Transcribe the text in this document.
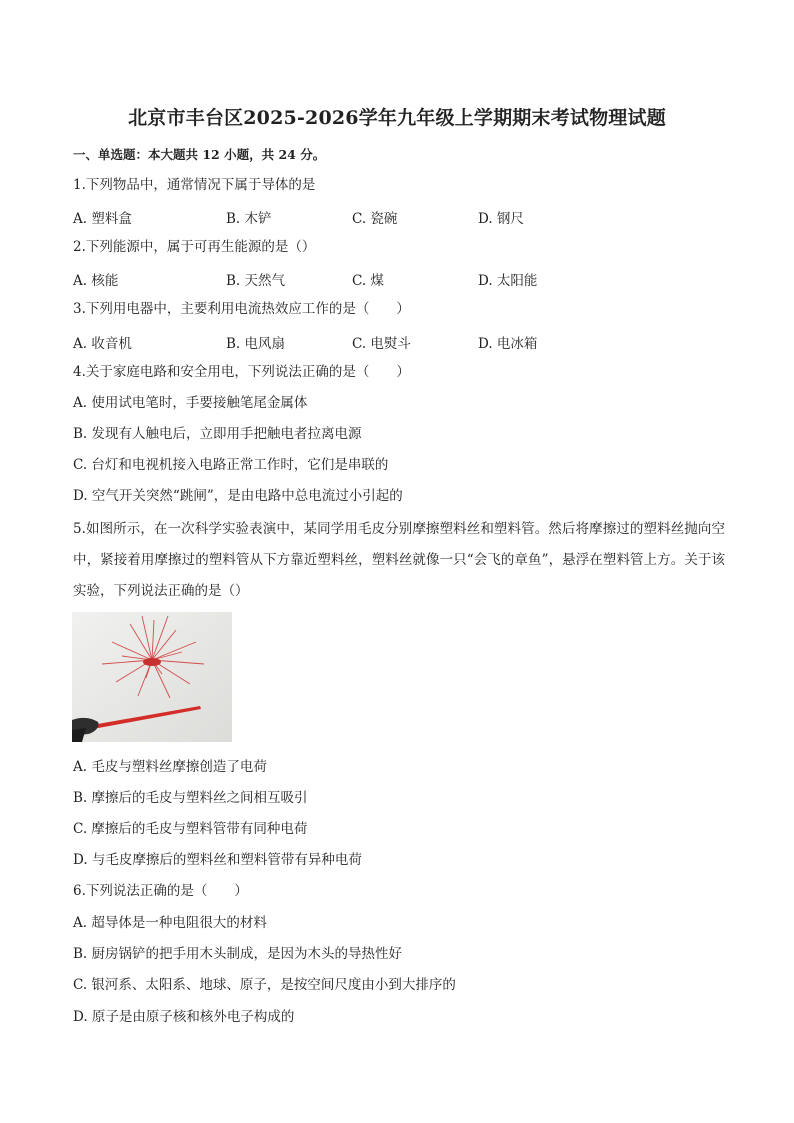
北京市丰台区2025-2026学年九年级上学期期末考试物理试题
一、单选题：本大题共 12 小题，共 24 分。
1.下列物品中，通常情况下属于导体的是
A. 塑料盒	B. 木铲	C. 瓷碗	D. 钢尺
2.下列能源中，属于可再生能源的是（）
A. 核能	B. 天然气	C. 煤	D. 太阳能
3.下列用电器中，主要利用电流热效应工作的是（　　）
A. 收音机	B. 电风扇	C. 电熨斗	D. 电冰箱
4.关于家庭电路和安全用电，下列说法正确的是（　　）
A. 使用试电笔时，手要接触笔尾金属体
B. 发现有人触电后，立即用手把触电者拉离电源
C. 台灯和电视机接入电路正常工作时，它们是串联的
D. 空气开关突然“跳闸”，是由电路中总电流过小引起的
5.如图所示，在一次科学实验表演中，某同学用毛皮分别摩擦塑料丝和塑料管。然后将摩擦过的塑料丝抛向空中，紧接着用摩擦过的塑料管从下方靠近塑料丝，塑料丝就像一只“会飞的章鱼”，悬浮在塑料管上方。关于该实验，下列说法正确的是（）
A. 毛皮与塑料丝摩擦创造了电荷
B. 摩擦后的毛皮与塑料丝之间相互吸引
C. 摩擦后的毛皮与塑料管带有同种电荷
D. 与毛皮摩擦后的塑料丝和塑料管带有异种电荷
6.下列说法正确的是（　　）
A. 超导体是一种电阻很大的材料
B. 厨房锅铲的把手用木头制成，是因为木头的导热性好
C. 银河系、太阳系、地球、原子，是按空间尺度由小到大排序的
D. 原子是由原子核和核外电子构成的
